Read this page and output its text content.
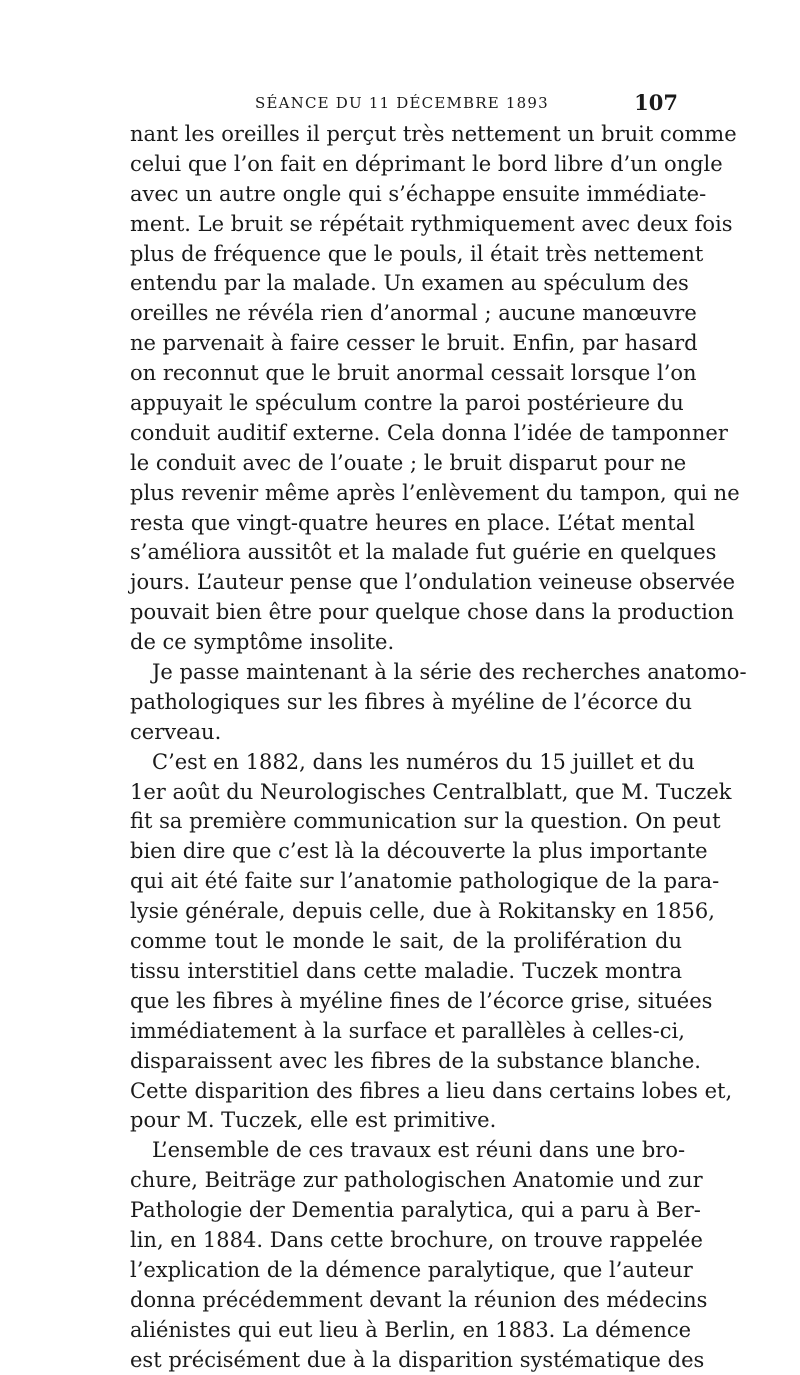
SÉANCE DU 11 DÉCEMBRE 1893	107
nant les oreilles il perçut très nettement un bruit comme
celui que l’on fait en déprimant le bord libre d’un ongle
avec un autre ongle qui s’échappe ensuite immédiate-
ment. Le bruit se répétait rythmiquement avec deux fois
plus de fréquence que le pouls, il était très nettement
entendu par la malade. Un examen au spéculum des
oreilles ne révéla rien d’anormal ; aucune manœuvre
ne parvenait à faire cesser le bruit. Enfin, par hasard
on reconnut que le bruit anormal cessait lorsque l’on
appuyait le spéculum contre la paroi postérieure du
conduit auditif externe. Cela donna l’idée de tamponner
le conduit avec de l’ouate ; le bruit disparut pour ne
plus revenir même après l’enlèvement du tampon, qui ne
resta que vingt-quatre heures en place. L’état mental
s’améliora aussitôt et la malade fut guérie en quelques
jours. L’auteur pense que l’ondulation veineuse observée
pouvait bien être pour quelque chose dans la production
de ce symptôme insolite.
Je passe maintenant à la série des recherches anatomo-
pathologiques sur les fibres à myéline de l’écorce du
cerveau.
C’est en 1882, dans les numéros du 15 juillet et du
1er août du Neurologisches Centralblatt, que M. Tuczek
fit sa première communication sur la question. On peut
bien dire que c’est là la découverte la plus importante
qui ait été faite sur l’anatomie pathologique de la para-
lysie générale, depuis celle, due à Rokitansky en 1856,
comme tout le monde le sait, de la prolifération du
tissu interstitiel dans cette maladie. Tuczek montra
que les fibres à myéline fines de l’écorce grise, situées
immédiatement à la surface et parallèles à celles-ci,
disparaissent avec les fibres de la substance blanche.
Cette disparition des fibres a lieu dans certains lobes et,
pour M. Tuczek, elle est primitive.
L’ensemble de ces travaux est réuni dans une bro-
chure, Beiträge zur pathologischen Anatomie und zur
Pathologie der Dementia paralytica, qui a paru à Ber-
lin, en 1884. Dans cette brochure, on trouve rappelée
l’explication de la démence paralytique, que l’auteur
donna précédemment devant la réunion des médecins
aliénistes qui eut lieu à Berlin, en 1883. La démence
est précisément due à la disparition systématique des
